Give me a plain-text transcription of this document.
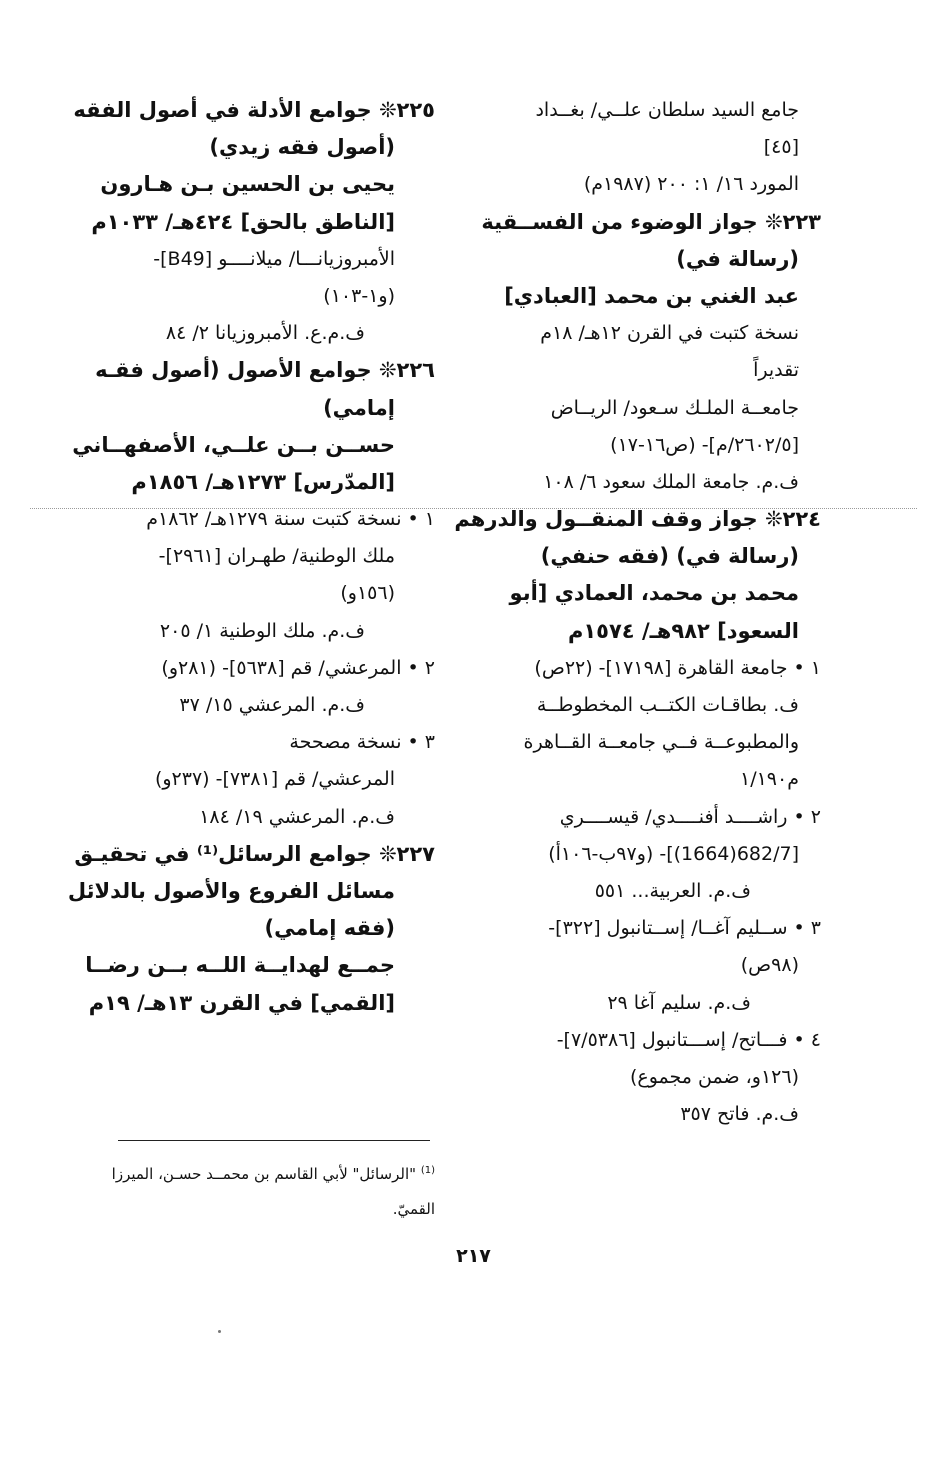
جامع السيد سلطان علــي/ بغــداد
[٤٥]
المورد ١٦/ ١: ٢٠٠ (١٩٨٧م)
٢٢٣❊ جواز الوضوء من الفســقية
(رسالة في)
عبد الغني بن محمد [العبادي]
نسخة كتبت في القرن ١٢هـ/ ١٨م
تقديراً
جامعــة الملـك سـعود/ الريــاض
[٢٦٠٢/٥/م]- (ص١٦-١٧)
ف.م. جامعة الملك سعود ٦/ ١٠٨
٢٢٤❊ جواز وقف المنقــول والدرهم
(رسالة في) (فقه حنفي)
محمد بن محمد، العمادي [أبو
السعود] ٩٨٢هـ/ ١٥٧٤م
١ • جامعة القاهرة [١٧١٩٨]- (٢٢ص)
ف. بطاقـات الكتــب المخطوطــة
والمطبوعــة فــي جامعــة القــاهرة
م١/١٩٠
٢ • راشــــد أفنــــدي/ قيســــري
[682/7(1664)]- (و٩٧ب-١٠٦أ)
ف.م. العربية... ٥٥١
٣ • ســليم آغــا/ إســتانبول [٣٢٢]-
(٩٨ص)
ف.م. سليم آغا ٢٩
٤ • فـــاتح/ إســـتانبول [٧/٥٣٨٦]-
(١٢٦و، ضمن مجموع)
ف.م. فاتح ٣٥٧
٢٢٥❊ جوامع الأدلة في أصول الفقه
(أصول فقه زيدي)
يحيى بن الحسين بـن هـارون
[الناطق بالحق] ٤٢٤هـ/ ١٠٣٣م
الأمبروزيانـــا/ ميلانــــو [B49]-
(و١-١٠٣)
ف.م.ع. الأمبروزيانا ٢/ ٨٤
٢٢٦❊ جوامع الأصول (أصول فقـه
إمامي)
حســن بــن علــي، الأصفهــاني
[المدّرس] ١٢٧٣هـ/ ١٨٥٦م
١ • نسخة كتبت سنة ١٢٧٩هـ/ ١٨٦٢م
ملك الوطنية/ طهـران [٢٩٦١]-
(١٥٦و)
ف.م. ملك الوطنية ١/ ٢٠٥
٢ • المرعشي/ قم [٥٦٣٨]- (٢٨١و)
ف.م. المرعشي ١٥/ ٣٧
٣ • نسخة مصححة
المرعشي/ قم [٧٣٨١]- (٢٣٧و)
ف.م. المرعشي ١٩/ ١٨٤
٢٢٧❊ جوامع الرسائل⁽¹⁾ في تحقيـق
مسائل الفروع والأصول بالدلائل
(فقه إمامي)
جمــع لهدايــة اللــه بــن رضــا
[القمي] في القرن ١٣هـ/ ١٩م
$^{(1)}$ "الرسائل" لأبي القاسم بن محمــد حسـن، الميرزا القميّ.
٢١٧
